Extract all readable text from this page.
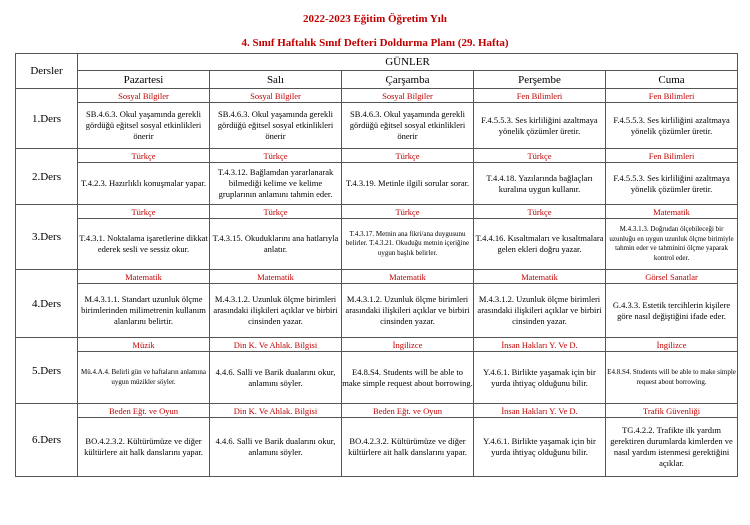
2022-2023 Eğitim Öğretim Yılı
4. Sınıf Haftalık Sınıf Defteri Doldurma Planı (29. Hafta)
Dersler	GÜNLER				
	Pazartesi	Salı	Çarşamba	Perşembe	Cuma
1.Ders	Sosyal Bilgiler	Sosyal Bilgiler	Sosyal Bilgiler	Fen Bilimleri	Fen Bilimleri
	SB.4.6.3. Okul yaşamında gerekli gördüğü eğitsel sosyal etkinlikleri önerir	SB.4.6.3. Okul yaşamında gerekli gördüğü eğitsel sosyal etkinlikleri önerir	SB.4.6.3. Okul yaşamında gerekli gördüğü eğitsel sosyal etkinlikleri önerir	F.4.5.5.3. Ses kirliliğini azaltmaya yönelik çözümler üretir.	F.4.5.5.3. Ses kirliliğini azaltmaya yönelik çözümler üretir.
2.Ders	Türkçe	Türkçe	Türkçe	Türkçe	Fen Bilimleri
	T.4.2.3. Hazırlıklı konuşmalar yapar.	T.4.3.12. Bağlamdan yararlanarak bilmediği kelime ve kelime gruplarının anlamını tahmin eder.	T.4.3.19. Metinle ilgili sorular sorar.	T.4.4.18. Yazılarında bağlaçları kuralına uygun kullanır.	F.4.5.5.3. Ses kirliliğini azaltmaya yönelik çözümler üretir.
3.Ders	Türkçe	Türkçe	Türkçe	Türkçe	Matematik
	T.4.3.1. Noktalama işaretlerine dikkat ederek sesli ve sessiz okur.	T.4.3.15. Okuduklarını ana hatlarıyla anlatır.	T.4.3.17. Metnin ana fikri/ana duygusunu belirler. T.4.3.21. Okuduğu metnin içeriğine uygun başlık belirler.	T.4.4.16. Kısaltmaları ve kısaltmalara gelen ekleri doğru yazar.	M.4.3.1.3. Doğrudan ölçebileceği bir uzunluğu en uygun uzunluk ölçme birimiyle tahmin eder ve tahminini ölçme yaparak kontrol eder.
4.Ders	Matematik	Matematik	Matematik	Matematik	Görsel Sanatlar
	M.4.3.1.1. Standart uzunluk ölçme birimlerinden milimetrenin kullanım alanlarını belirtir.	M.4.3.1.2. Uzunluk ölçme birimleri arasındaki ilişkileri açıklar ve birbiri cinsinden yazar.	M.4.3.1.2. Uzunluk ölçme birimleri arasındaki ilişkileri açıklar ve birbiri cinsinden yazar.	M.4.3.1.2. Uzunluk ölçme birimleri arasındaki ilişkileri açıklar ve birbiri cinsinden yazar.	G.4.3.3. Estetik tercihlerin kişilere göre nasıl değiştiğini ifade eder.
5.Ders	Müzik	Din K. Ve Ahlak. Bilgisi	İngilizce	İnsan Hakları Y. Ve D.	İngilizce
	Mü.4.A.4. Belirli gün ve haftaların anlamına uygun müzikler söyler.	4.4.6. Salli ve Barik dualarını okur, anlamını söyler.	E4.8.S4. Students will be able to make simple request about borrowing.	Y.4.6.1. Birlikte yaşamak için bir yurda ihtiyaç olduğunu bilir.	E4.8.S4. Students will be able to make simple request about borrowing.
6.Ders	Beden Eğt. ve Oyun	Din K. Ve Ahlak. Bilgisi	Beden Eğt. ve Oyun	İnsan Hakları Y. Ve D.	Trafik Güvenliği
	BO.4.2.3.2. Kültürümüze ve diğer kültürlere ait halk danslarını yapar.	4.4.6. Salli ve Barik dualarını okur, anlamını söyler.	BO.4.2.3.2. Kültürümüze ve diğer kültürlere ait halk danslarını yapar.	Y.4.6.1. Birlikte yaşamak için bir yurda ihtiyaç olduğunu bilir.	TG.4.2.2. Trafikte ilk yardım gerektiren durumlarda kimlerden ve nasıl yardım istenmesi gerektiğini açıklar.
